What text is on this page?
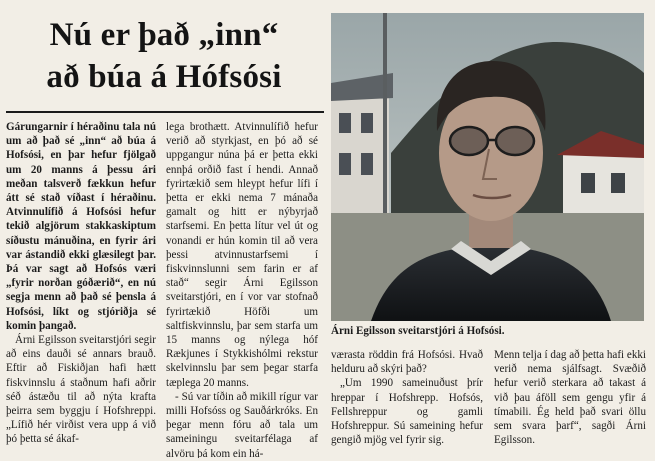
Nú er það „inn“
að búa á Hófsósi

Gárungarnir í héraðinu tala nú um að það sé „inn“ að búa á Hofsósi, en þar hefur fjölgað um 20 manns á þessu ári meðan talsverð fækkun hefur átt sé stað víðast í héraðinu. Atvinnulífið á Hofsósi hefur tekið algjörum stakkaskiptum síðustu mánuðina, en fyrir ári var ástandið ekki glæsilegt þar. Þá var sagt að Hofsós væri „fyrir norðan góðærið“, en nú segja menn að það sé þensla á Hofsósi, líkt og stjóriðja sé komin þangað.

Árni Egilsson sveitarstjóri segir að eins dauði sé annars brauð. Eftir að Fiskiðjan hafi hætt fiskvinnslu á staðnum hafi aðrir séð ástæðu til að nýta krafta þeirra sem byggju í Hofshreppi. „Lífið hér virðist vera upp á við þó þetta sé ákaf-

lega brothætt. Atvinnulífið hefur verið að styrkjast, en þó að sé uppgangur núna þá er þetta ekki ennþá orðið fast í hendi. Annað fyrirtækið sem hleypt hefur lífi í þetta er ekki nema 7 mánaða gamalt og hitt er nýbyrjað starfsemi. En þetta lítur vel út og vonandi er hún komin til að vera þessi atvinnustarfsemi í fiskvinnslunni sem farin er af stað“ segir Árni Egilsson sveitarstjóri, en í vor var stofnað fyrirtækið Höfði um saltfiskvinnslu, þar sem starfa um 15 manns og nýlega hóf Rækjunes í Stykkishólmi rekstur skelvinnslu þar sem þegar starfa tæplega 20 manns.

- Sú var tíðin að mikill rígur var milli Hofsóss og Sauðárkróks. En þegar menn fóru að tala um sameiningu sveitarfélaga af alvöru þá kom ein há-

Árni Egilsson sveitarstjóri á Hofsósi.

værasta röddin frá Hofsósi. Hvað helduru að skýri það?

„Um 1990 sameinuðust þrír hreppar í Hofshrepp. Hofsós, Fellshreppur og gamli Hofshreppur. Sú sameining hefur gengið mjög vel fyrir sig.

Menn telja í dag að þetta hafi ekki verið nema sjálfsagt. Svæðið hefur verið sterkara að takast á við þau áföll sem gengu yfir á tímabili. Ég held það svari öllu sem svara þarf“, sagði Árni Egilsson.
